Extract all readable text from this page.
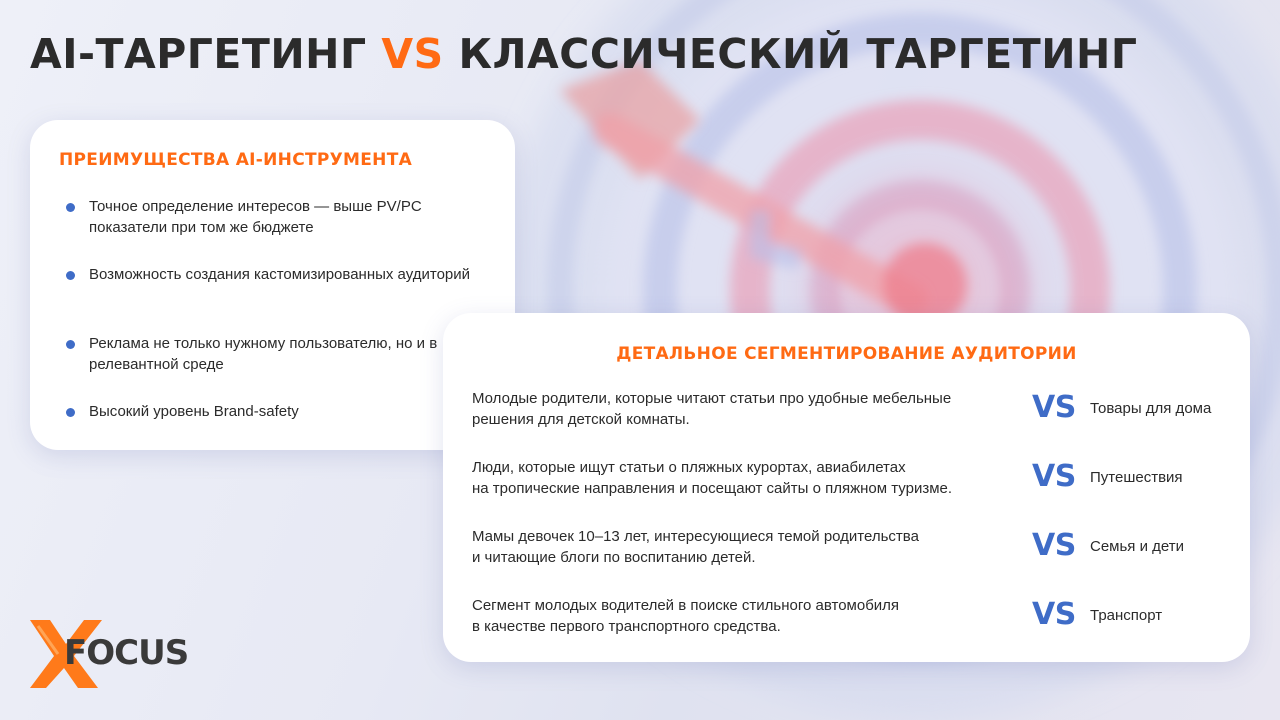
AI-ТАРГЕТИНГ VS КЛАССИЧЕСКИЙ ТАРГЕТИНГ
ПРЕИМУЩЕСТВА AI-ИНСТРУМЕНТА
Точное определение интересов — выше PV/PC показатели при том же бюджете
Возможность создания кастомизированных аудиторий
Реклама не только нужному пользователю, но и в релевантной среде
Высокий уровень Brand-safety
ДЕТАЛЬНОЕ СЕГМЕНТИРОВАНИЕ АУДИТОРИИ
Молодые родители, которые читают статьи про удобные мебельные
решения для детской комнаты.	VS Товары для дома
Люди, которые ищут статьи о пляжных курортах, авиабилетах
на тропические направления и посещают сайты о пляжном туризме.	VS Путешествия
Мамы девочек 10–13 лет, интересующиеся темой родительства
и читающие блоги по воспитанию детей.	VS Семья и дети
Сегмент молодых водителей в поиске стильного автомобиля
в качестве первого транспортного средства.	VS Транспорт
FOCUS
